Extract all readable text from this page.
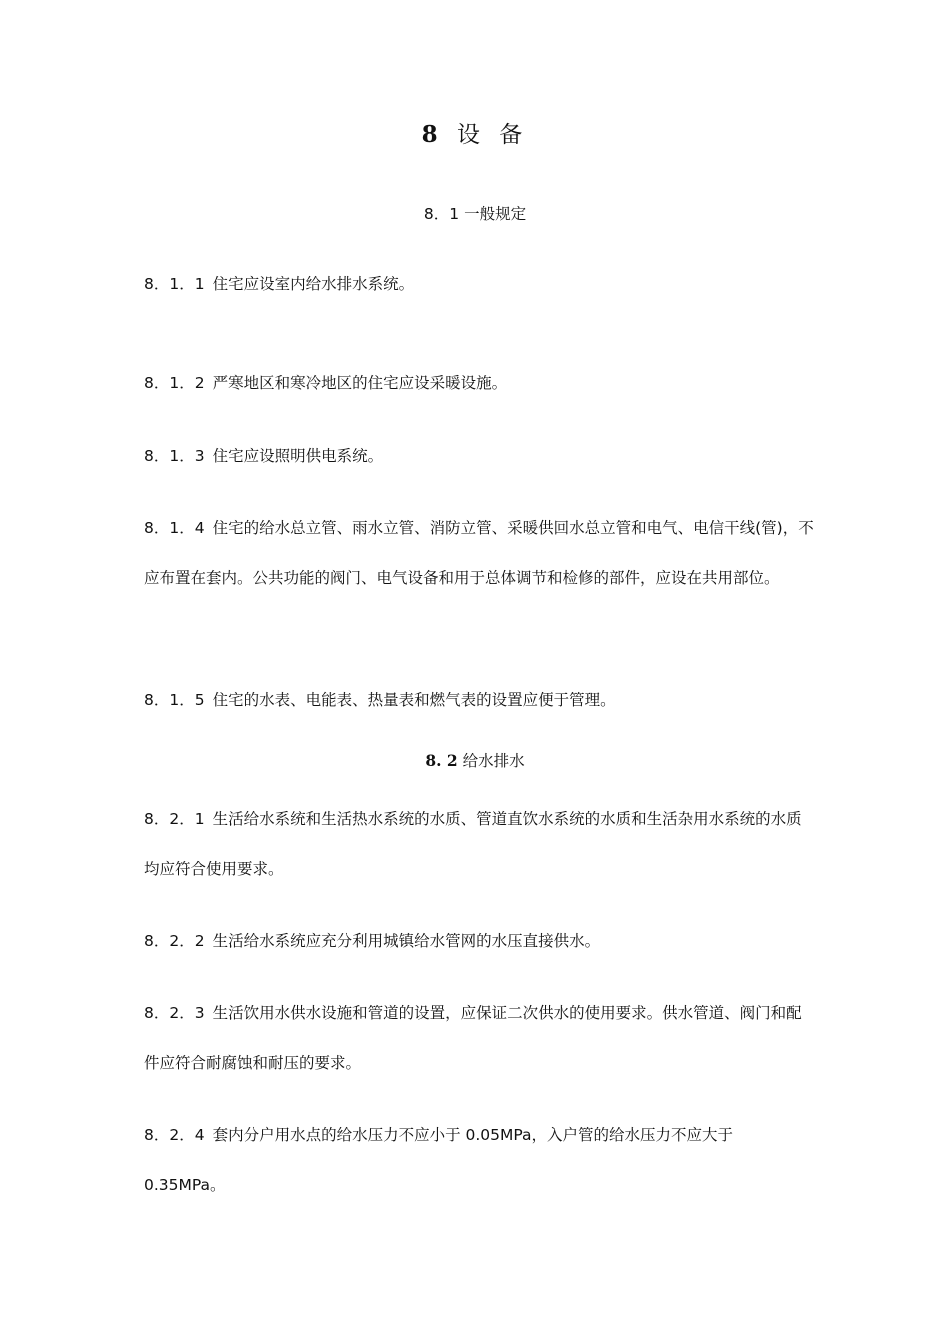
8 设 备
8．1 一般规定
8．1．1 住宅应设室内给水排水系统。
8．1．2 严寒地区和寒冷地区的住宅应设采暖设施。
8．1．3 住宅应设照明供电系统。
8．1．4 住宅的给水总立管、雨水立管、消防立管、采暖供回水总立管和电气、电信干线(管)，不应布置在套内。公共功能的阀门、电气设备和用于总体调节和检修的部件，应设在共用部位。
8．1．5 住宅的水表、电能表、热量表和燃气表的设置应便于管理。
8. 2 给水排水
8．2．1 生活给水系统和生活热水系统的水质、管道直饮水系统的水质和生活杂用水系统的水质均应符合使用要求。
8．2．2 生活给水系统应充分利用城镇给水管网的水压直接供水。
8．2．3 生活饮用水供水设施和管道的设置，应保证二次供水的使用要求。供水管道、阀门和配件应符合耐腐蚀和耐压的要求。
8．2．4 套内分户用水点的给水压力不应小于 0.05MPa，入户管的给水压力不应大于 0.35MPa。
